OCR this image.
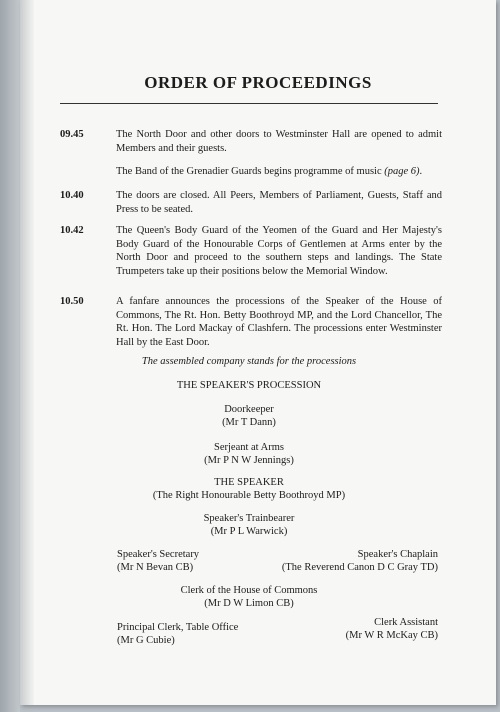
ORDER OF PROCEEDINGS
09.45	The North Door and other doors to Westminster Hall are opened to admit Members and their guests.
The Band of the Grenadier Guards begins programme of music (page 6).
10.40	The doors are closed. All Peers, Members of Parliament, Guests, Staff and Press to be seated.
10.42	The Queen's Body Guard of the Yeomen of the Guard and Her Majesty's Body Guard of the Honourable Corps of Gentlemen at Arms enter by the North Door and proceed to the southern steps and landings. The State Trumpeters take up their positions below the Memorial Window.
10.50	A fanfare announces the processions of the Speaker of the House of Commons, The Rt. Hon. Betty Boothroyd MP, and the Lord Chancellor, The Rt. Hon. The Lord Mackay of Clashfern. The processions enter Westminster Hall by the East Door.
The assembled company stands for the processions
THE SPEAKER'S PROCESSION
Doorkeeper
(Mr T Dann)
Serjeant at Arms
(Mr P N W Jennings)
THE SPEAKER
(The Right Honourable Betty Boothroyd MP)
Speaker's Trainbearer
(Mr P L Warwick)
Speaker's Secretary
(Mr N Bevan CB)
Speaker's Chaplain
(The Reverend Canon D C Gray TD)
Clerk of the House of Commons
(Mr D W Limon CB)
Principal Clerk, Table Office
(Mr G Cubie)
Clerk Assistant
(Mr W R McKay CB)
